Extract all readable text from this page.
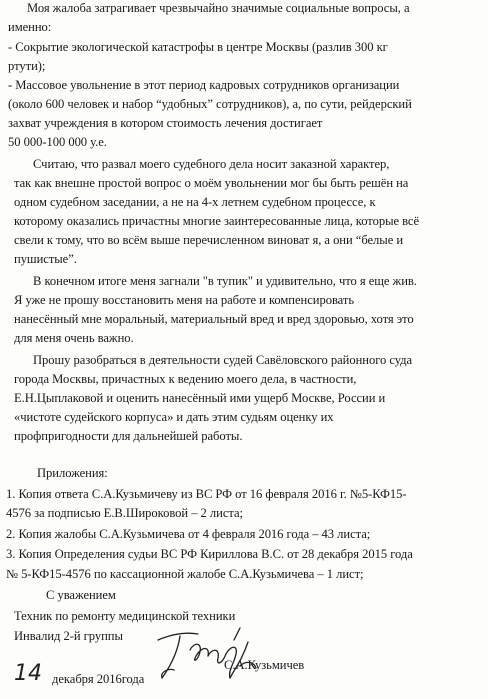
Моя жалоба затрагивает чрезвычайно значимые социальные вопросы, а
именно:
- Сокрытие экологической катастрофы в центре Москвы (разлив 300 кг
ртути);
- Массовое увольнение в этот период кадровых сотрудников организации
(около 600 человек и набор “удобных” сотрудников), а, по сути, рейдерский
захват учреждения в котором стоимость лечения достигает
50 000-100 000 у.е.
Считаю, что развал моего судебного дела носит заказной характер,
так как внешне простой вопрос о моём увольнении мог бы быть решён на
одном судебном заседании, а не на 4-х летнем судебном процессе, к
которому оказались причастны многие заинтересованные лица, которые всё
свели к тому, что во всём выше перечисленном виноват я, а они “белые и
пушистые”.
В конечном итоге меня загнали "в тупик" и удивительно, что я еще жив.
Я уже не прошу восстановить меня на работе и компенсировать
нанесённый мне моральный, материальный вред и вред здоровью, хотя это
для меня очень важно.
Прошу разобраться в деятельности судей Савёловского районного суда
города Москвы, причастных к ведению моего дела, в частности,
Е.Н.Цыплаковой и оценить нанесённый ими ущерб Москве, России и
«чистоте судейского корпуса» и дать этим судьям оценку их
профпригодности для дальнейшей работы.
Приложения:
1. Копия ответа С.А.Кузьмичеву из ВС РФ от 16 февраля 2016 г. №5-КФ15-
4576 за подписью Е.В.Широковой – 2 листа;
2. Копия жалобы С.А.Кузьмичева от 4 февраля 2016 года – 43 листа;
3. Копия Определения судьи ВС РФ Кириллова В.С. от 28 декабря 2015 года
№ 5-КФ15-4576 по кассационной жалобе С.А.Кузьмичева – 1 лист;
С уважением
Техник по ремонту медицинской техники
Инвалид 2-й группы
14 декабря 2016года
С.А.Кузьмичев
